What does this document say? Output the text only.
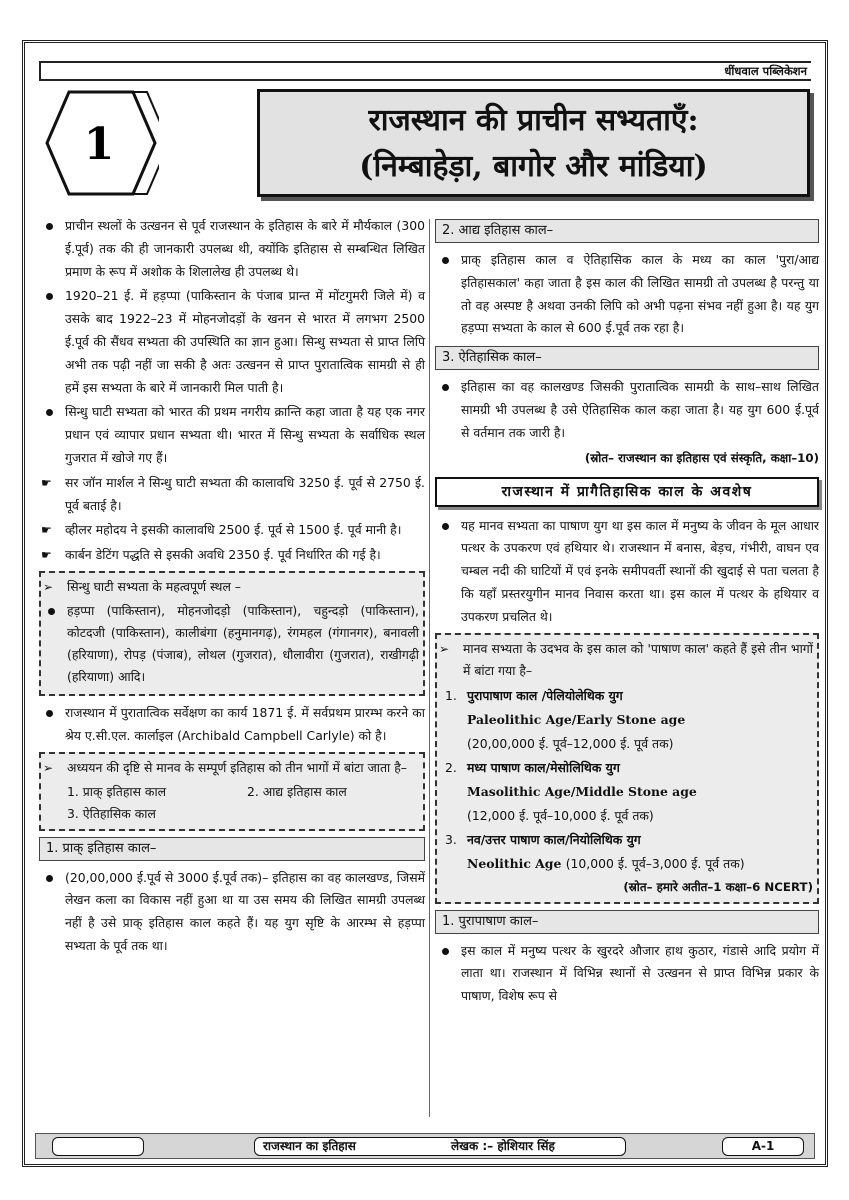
धींधवाल पब्लिकेशन
1	राजस्थान की प्राचीन सभ्यताएँ:
(निम्बाहेड़ा, बागोर और मांडिया)
प्राचीन स्थलों के उत्खनन से पूर्व राजस्थान के इतिहास के बारे में मौर्यकाल (300 ई.पूर्व) तक की ही जानकारी उपलब्ध थी, क्योंकि इतिहास से सम्बन्धित लिखित प्रमाण के रूप में अशोक के शिलालेख ही उपलब्ध थे।
1920–21 ई. में हड़प्पा (पाकिस्तान के पंजाब प्रान्त में मोंटगुमरी जिले में) व उसके बाद 1922–23 में मोहनजोदड़ों के खनन से भारत में लगभग 2500 ई.पूर्व की सैंधव सभ्यता की उपस्थिति का ज्ञान हुआ। सिन्धु सभ्यता से प्राप्त लिपि अभी तक पढ़ी नहीं जा सकी है अतः उत्खनन से प्राप्त पुरातात्विक सामग्री से ही हमें इस सभ्यता के बारे में जानकारी मिल पाती है।
सिन्धु घाटी सभ्यता को भारत की प्रथम नगरीय क्रान्ति कहा जाता है यह एक नगर प्रधान एवं व्यापार प्रधान सभ्यता थी। भारत में सिन्धु सभ्यता के सर्वाधिक स्थल गुजरात में खोजे गए हैं।
☛ सर जॉन मार्शल ने सिन्धु घाटी सभ्यता की कालावधि 3250 ई. पूर्व से 2750 ई. पूर्व बताई है।
☛ व्हीलर महोदय ने इसकी कालावधि 2500 ई. पूर्व से 1500 ई. पूर्व मानी है।
☛ कार्बन डेटिंग पद्धति से इसकी अवधि 2350 ई. पूर्व निर्धारित की गई है।
➢ सिन्धु घाटी सभ्यता के महत्वपूर्ण स्थल –
हड़प्पा (पाकिस्तान), मोहनजोदड़ो (पाकिस्तान), चहुन्दड़ो (पाकिस्तान), कोटदजी (पाकिस्तान), कालीबंगा (हनुमानगढ़), रंगमहल (गंगानगर), बनावली (हरियाणा), रोपड़ (पंजाब), लोथल (गुजरात), धौलावीरा (गुजरात), राखीगढ़ी (हरियाणा) आदि।
राजस्थान में पुरातात्विक सर्वेक्षण का कार्य 1871 ई. में सर्वप्रथम प्रारम्भ करने का श्रेय ए.सी.एल. कार्लाइल (Archibald Campbell Carlyle) को है।
➢ अध्ययन की दृष्टि से मानव के सम्पूर्ण इतिहास को तीन भागों में बांटा जाता है–
1. प्राक् इतिहास काल	2. आद्य इतिहास काल
3. ऐतिहासिक काल
1. प्राक् इतिहास काल–
(20,00,000 ई.पूर्व से 3000 ई.पूर्व तक)– इतिहास का वह कालखण्ड, जिसमें लेखन कला का विकास नहीं हुआ था या उस समय की लिखित सामग्री उपलब्ध नहीं है उसे प्राक् इतिहास काल कहते हैं। यह युग सृष्टि के आरम्भ से हड़प्पा सभ्यता के पूर्व तक था।
2. आद्य इतिहास काल–
प्राक् इतिहास काल व ऐतिहासिक काल के मध्य का काल 'पुरा/आद्य इतिहासकाल' कहा जाता है इस काल की लिखित सामग्री तो उपलब्ध है परन्तु या तो वह अस्पष्ट है अथवा उनकी लिपि को अभी पढ़ना संभव नहीं हुआ है। यह युग हड़प्पा सभ्यता के काल से 600 ई.पूर्व तक रहा है।
3. ऐतिहासिक काल–
इतिहास का वह कालखण्ड जिसकी पुरातात्विक सामग्री के साथ–साथ लिखित सामग्री भी उपलब्ध है उसे ऐतिहासिक काल कहा जाता है। यह युग 600 ई.पूर्व से वर्तमान तक जारी है।
(स्रोत– राजस्थान का इतिहास एवं संस्कृति, कक्षा–10)
राजस्थान में प्रागैतिहासिक काल के अवशेष
यह मानव सभ्यता का पाषाण युग था इस काल में मनुष्य के जीवन के मूल आधार पत्थर के उपकरण एवं हथियार थे। राजस्थान में बनास, बेड़च, गंभीरी, वाघन एव चम्बल नदी की घाटियों में एवं इनके समीपवर्ती स्थानों की खुदाई से पता चलता है कि यहाँ प्रस्तरयुगीन मानव निवास करता था। इस काल में पत्थर के हथियार व उपकरण प्रचलित थे।
➢ मानव सभ्यता के उदभव के इस काल को 'पाषाण काल' कहते हैं इसे तीन भागों में बांटा गया है–
1. पुरापाषाण काल /पेलियोलेथिक युग
Paleolithic Age/Early Stone age
(20,00,000 ई. पूर्व–12,000 ई. पूर्व तक)
2. मध्य पाषाण काल/मेसोलिथिक युग
Masolithic Age/Middle Stone age
(12,000 ई. पूर्व–10,000 ई. पूर्व तक)
3. नव/उत्तर पाषाण काल/नियोलिथिक युग
Neolithic Age (10,000 ई. पूर्व–3,000 ई. पूर्व तक)
(स्रोत– हमारे अतीत–1 कक्षा–6 NCERT)
1. पुरापाषाण काल–
इस काल में मनुष्य पत्थर के खुरदरे औजार हाथ कुठार, गंडासे आदि प्रयोग में लाता था। राजस्थान में विभिन्न स्थानों से उत्खनन से प्राप्त विभिन्न प्रकार के पाषाण, विशेष रूप से
राजस्थान का इतिहास	लेखक :– होशियार सिंह	A-1
